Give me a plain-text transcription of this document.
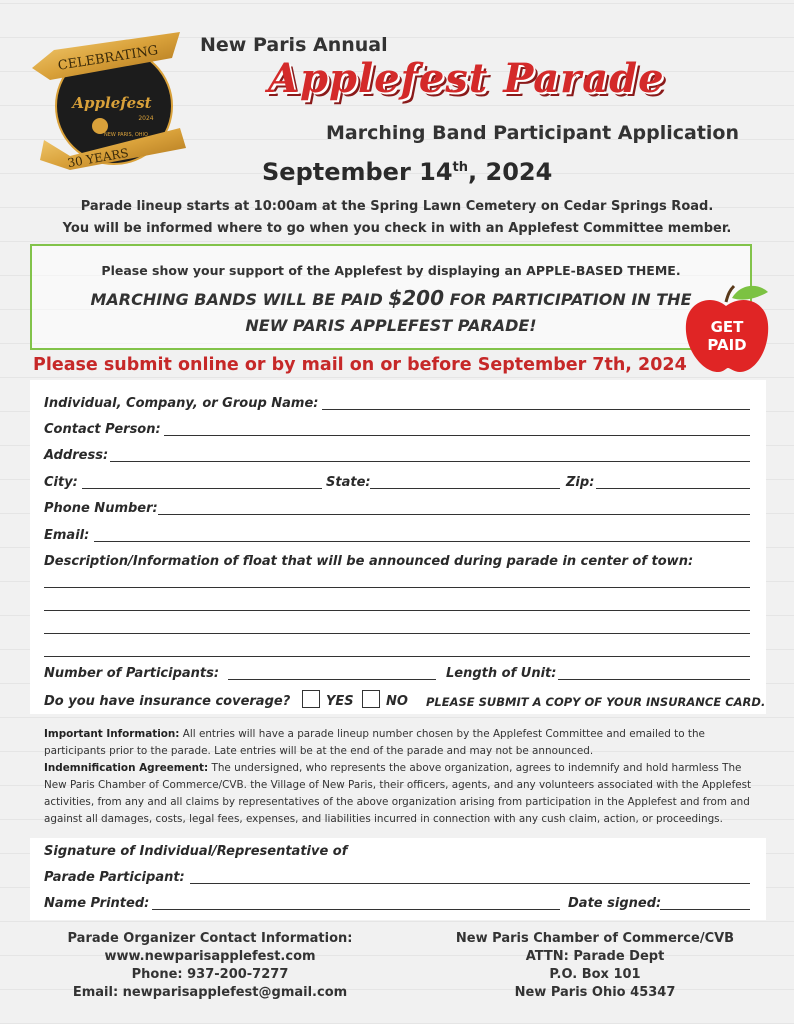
CELEBRATING
Applefest
2024
NEW PARIS, OHIO
30 YEARS
New Paris Annual
Applefest Parade
Marching Band Participant Application
September 14th, 2024
Parade lineup starts at 10:00am at the Spring Lawn Cemetery on Cedar Springs Road.
You will be informed where to go when you check in with an Applefest Committee member.
Please show your support of the Applefest by displaying an APPLE-BASED THEME.
MARCHING BANDS WILL BE PAID $200 FOR PARTICIPATION IN THE
NEW PARIS APPLEFEST PARADE!	GET
PAID
Please submit online or by mail on or before September 7th, 2024
Individual, Company, or Group Name:
Contact Person:
Address:
City:	State:	Zip:
Phone Number:
Email:
Description/Information of float that will be announced during parade in center of town:
Number of Participants:	Length of Unit:
Do you have insurance coverage?	YES NO PLEASE SUBMIT A COPY OF YOUR INSURANCE CARD.

Important Information: All entries will have a parade lineup number chosen by the Applefest Committee and emailed to the participants prior to the parade. Late entries will be at the end of the parade and may not be announced.

Indemnification Agreement: The undersigned, who represents the above organization, agrees to indemnify and hold harmless The New Paris Chamber of Commerce/CVB. the Village of New Paris, their officers, agents, and any volunteers associated with the Applefest activities, from any and all claims by representatives of the above organization arising from participation in the Applefest and from and against all damages, costs, legal fees, expenses, and liabilities incurred in connection with any cush claim, action, or proceedings.

Signature of Individual/Representative of
Parade Participant:
Name Printed:	Date signed:
Parade Organizer Contact Information:
www.newparisapplefest.com
Phone: 937-200-7277
Email: newparisapplefest@gmail.com
New Paris Chamber of Commerce/CVB
ATTN: Parade Dept
P.O. Box 101
New Paris Ohio 45347
